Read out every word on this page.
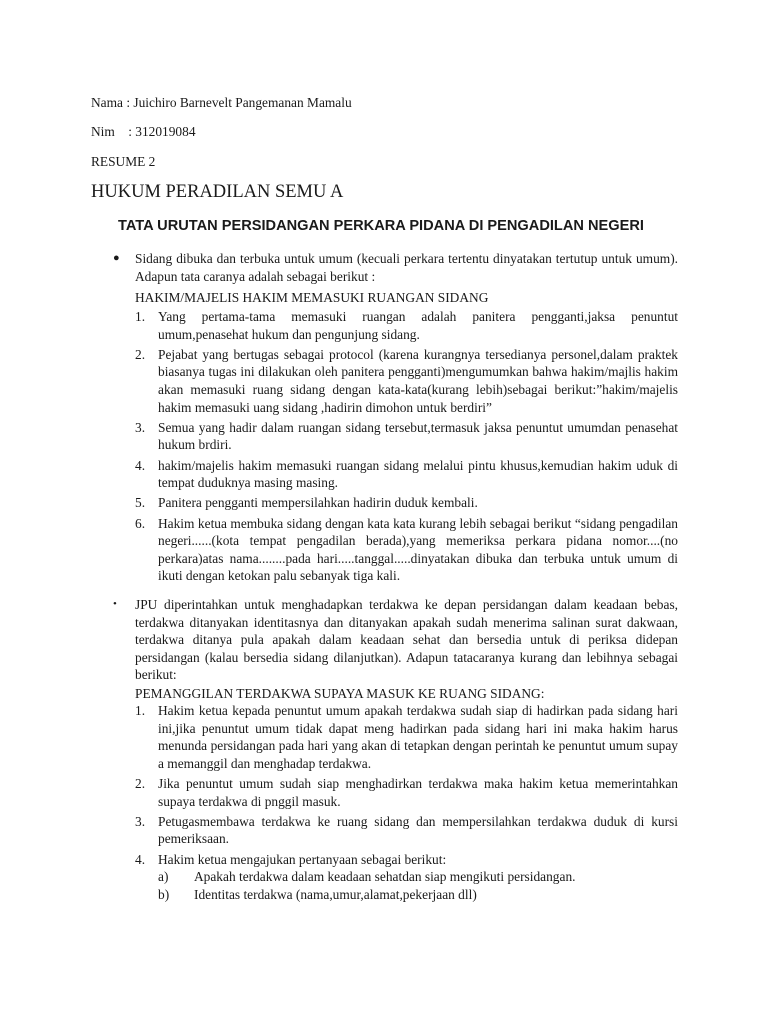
Nama : Juichiro Barnevelt Pangemanan Mamalu
Nim    : 312019084
RESUME 2
HUKUM PERADILAN SEMU A
TATA URUTAN PERSIDANGAN PERKARA PIDANA DI PENGADILAN NEGERI
● Sidang dibuka dan terbuka untuk umum (kecuali perkara tertentu dinyatakan tertutup untuk umum). Adapun tata caranya adalah sebagai berikut :

HAKIM/MAJELIS HAKIM MEMASUKI RUANGAN SIDANG
1. Yang pertama-tama memasuki ruangan adalah panitera pengganti,jaksa penuntut umum,penasehat hukum dan pengunjung sidang.
2. Pejabat yang bertugas sebagai protocol (karena kurangnya tersedianya personel,dalam praktek biasanya tugas ini dilakukan oleh panitera pengganti)mengumumkan bahwa hakim/majlis hakim akan memasuki ruang sidang dengan kata-kata(kurang lebih)sebagai berikut:”hakim/majelis hakim memasuki uang sidang ,hadirin dimohon untuk berdiri”
3. Semua yang hadir dalam ruangan sidang tersebut,termasuk jaksa penuntut umumdan penasehat hukum brdiri.
4. hakim/majelis hakim memasuki ruangan sidang melalui pintu khusus,kemudian hakim uduk di tempat duduknya masing masing.
5. Panitera pengganti mempersilahkan hadirin duduk kembali.
6. Hakim ketua membuka sidang dengan kata kata kurang lebih sebagai berikut “sidang pengadilan negeri......(kota tempat pengadilan berada),yang memeriksa perkara pidana nomor....(no perkara)atas nama........pada hari.....tanggal.....dinyatakan dibuka dan terbuka untuk umum di ikuti dengan ketokan palu sebanyak tiga kali.
• JPU diperintahkan untuk menghadapkan terdakwa ke depan persidangan dalam keadaan bebas, terdakwa ditanyakan identitasnya dan ditanyakan apakah sudah menerima salinan surat dakwaan, terdakwa ditanya pula apakah dalam keadaan sehat dan bersedia untuk di periksa didepan persidangan (kalau bersedia sidang dilanjutkan). Adapun tatacaranya kurang dan lebihnya sebagai berikut:

PEMANGGILAN TERDAKWA SUPAYA MASUK KE RUANG SIDANG:
1. Hakim ketua kepada penuntut umum apakah terdakwa sudah siap di hadirkan pada sidang hari ini,jika penuntut umum tidak dapat meng hadirkan pada sidang hari ini maka hakim harus menunda persidangan pada hari yang akan di tetapkan dengan perintah ke penuntut umum supay a memanggil dan menghadap terdakwa.
2. Jika penuntut umum sudah siap menghadirkan terdakwa maka hakim ketua memerintahkan supaya terdakwa di pnggil masuk.
3. Petugasmembawa terdakwa ke ruang sidang dan mempersilahkan terdakwa duduk di kursi pemeriksaan.
4. Hakim ketua mengajukan pertanyaan sebagai berikut:
a) Apakah terdakwa dalam keadaan sehatdan siap mengikuti persidangan.
b) Identitas terdakwa (nama,umur,alamat,pekerjaan dll)
